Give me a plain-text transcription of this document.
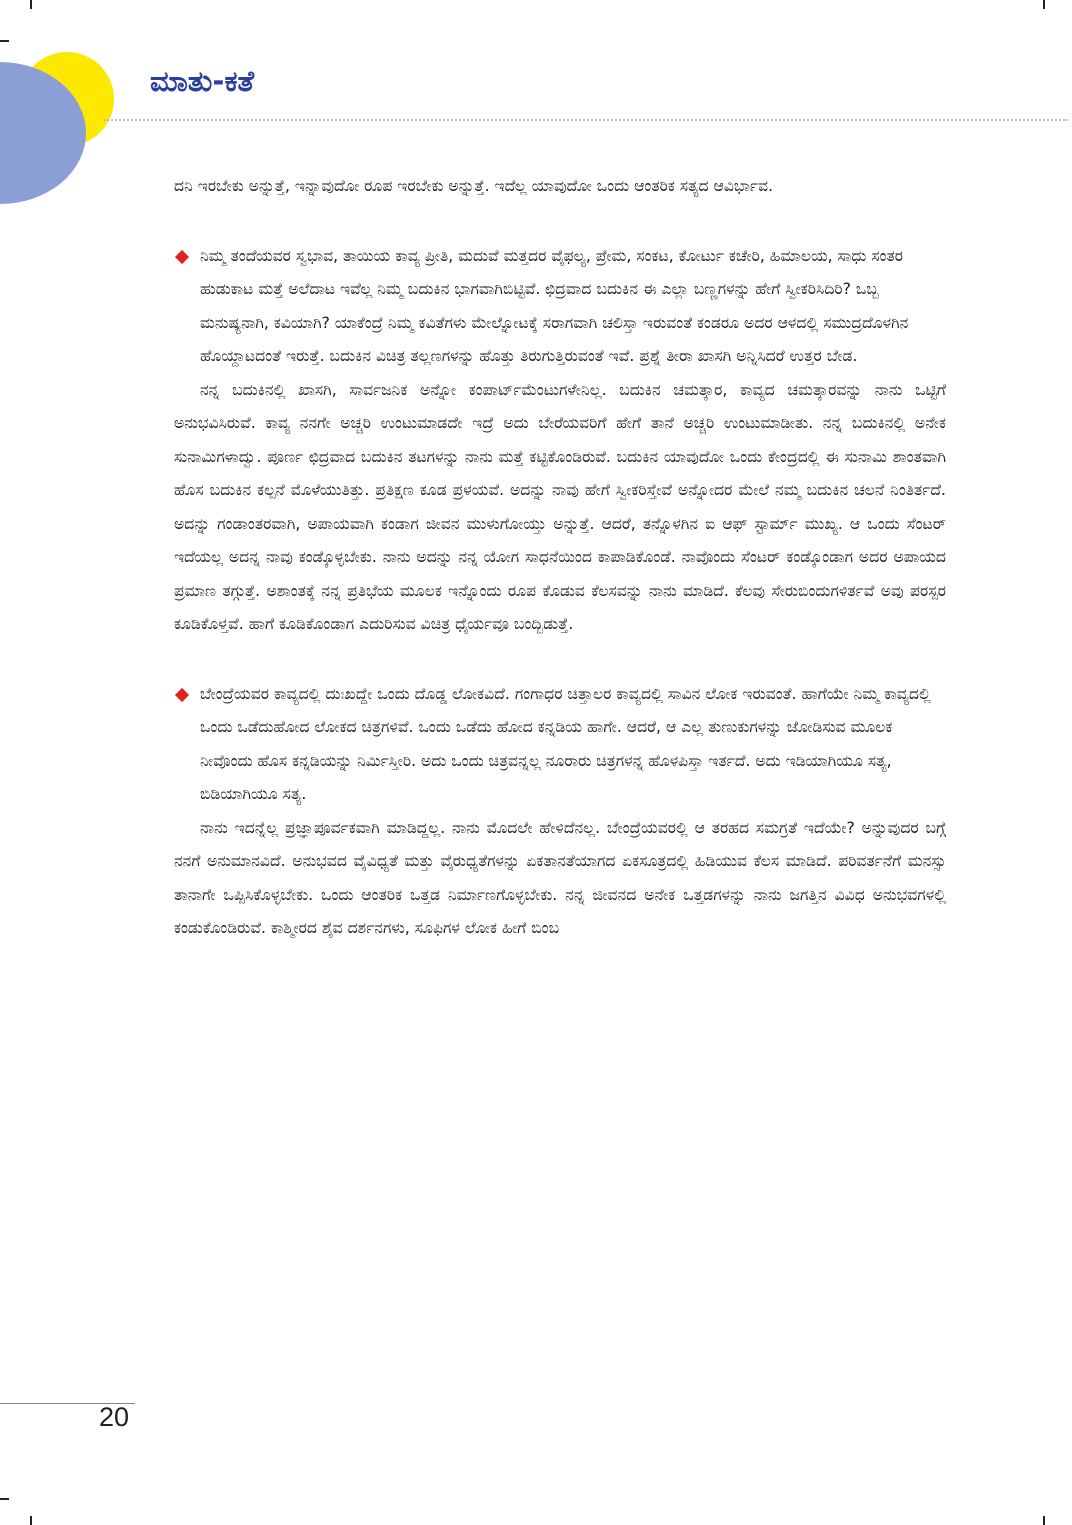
ಮಾತು-ಕತೆ

ದನಿ ಇರಬೇಕು ಅನ್ನುತ್ತೆ, ಇನ್ನಾವುದೋ ರೂಪ ಇರಬೇಕು ಅನ್ನುತ್ತೆ. ಇದೆಲ್ಲ ಯಾವುದೋ ಒಂದು ಆಂತರಿಕ ಸತ್ಯದ ಆವಿರ್ಭಾವ.

ನಿಮ್ಮ ತಂದೆಯವರ ಸ್ವಭಾವ, ತಾಯಿಯ ಕಾವ್ಯ ಪ್ರೀತಿ, ಮದುವೆ ಮತ್ತದರ ವೈಫಲ್ಯ, ಪ್ರೇಮ, ಸಂಕಟ, ಕೋರ್ಟು ಕಚೇರಿ, ಹಿಮಾಲಯ, ಸಾಧು ಸಂತರ ಹುಡುಕಾಟ ಮತ್ತೆ ಅಲೆದಾಟ ಇವೆಲ್ಲ ನಿಮ್ಮ ಬದುಕಿನ ಭಾಗವಾಗಿಬಿಟ್ಟಿವೆ. ಛಿದ್ರವಾದ ಬದುಕಿನ ಈ ಎಲ್ಲಾ ಬಣ್ಣಗಳನ್ನು ಹೇಗೆ ಸ್ವೀಕರಿಸಿದಿರಿ? ಒಬ್ಬ ಮನುಷ್ಯನಾಗಿ, ಕವಿಯಾಗಿ? ಯಾಕೆಂದ್ರೆ ನಿಮ್ಮ ಕವಿತೆಗಳು ಮೇಲ್ನೋಟಕ್ಕೆ ಸರಾಗವಾಗಿ ಚಲಿಸ್ತಾ ಇರುವಂತೆ ಕಂಡರೂ ಅದರ ಆಳದಲ್ಲಿ ಸಮುದ್ರದೊಳಗಿನ ಹೊಯ್ದಾಟದಂತೆ ಇರುತ್ತೆ. ಬದುಕಿನ ವಿಚಿತ್ರ ತಲ್ಲಣಗಳನ್ನು ಹೊತ್ತು ತಿರುಗುತ್ತಿರುವಂತೆ ಇವೆ. ಪ್ರಶ್ನೆ ತೀರಾ ಖಾಸಗಿ ಅನ್ನಿಸಿದರೆ ಉತ್ತರ ಬೇಡ.

ನನ್ನ ಬದುಕಿನಲ್ಲಿ ಖಾಸಗಿ, ಸಾರ್ವಜನಿಕ ಅನ್ನೋ ಕಂಪಾರ್ಟ್‌ಮೆಂಟುಗಳೇನಿಲ್ಲ. ಬದುಕಿನ ಚಮತ್ಕಾರ, ಕಾವ್ಯದ ಚಮತ್ಕಾರವನ್ನು ನಾನು ಒಟ್ಟಿಗೆ ಅನುಭವಿಸಿರುವೆ. ಕಾವ್ಯ ನನಗೇ ಅಚ್ಚರಿ ಉಂಟುಮಾಡದೇ ಇದ್ರೆ ಅದು ಬೇರೆಯವರಿಗೆ ಹೇಗೆ ತಾನೆ ಅಚ್ಚರಿ ಉಂಟುಮಾಡೀತು. ನನ್ನ ಬದುಕಿನಲ್ಲಿ ಅನೇಕ ಸುನಾಮಿಗಳಾದ್ವು. ಪೂರ್ಣ ಛಿದ್ರವಾದ ಬದುಕಿನ ತಟಗಳನ್ನು ನಾನು ಮತ್ತೆ ಕಟ್ಟಿಕೊಂಡಿರುವೆ. ಬದುಕಿನ ಯಾವುದೋ ಒಂದು ಕೇಂದ್ರದಲ್ಲಿ ಈ ಸುನಾಮಿ ಶಾಂತವಾಗಿ ಹೊಸ ಬದುಕಿನ ಕಲ್ಪನೆ ಮೊಳೆಯುತಿತ್ತು. ಪ್ರತಿಕ್ಷಣ ಕೂಡ ಪ್ರಳಯವೆ. ಅದನ್ನು ನಾವು ಹೇಗೆ ಸ್ವೀಕರಿಸ್ತೇವೆ ಅನ್ನೋದರ ಮೇಲೆ ನಮ್ಮ ಬದುಕಿನ ಚಲನೆ ನಿಂತಿರ್ತದೆ. ಅದನ್ನು ಗಂಡಾಂತರವಾಗಿ, ಅಪಾಯವಾಗಿ ಕಂಡಾಗ ಜೀವನ ಮುಳುಗೋಯ್ತು ಅನ್ನುತ್ತೆ. ಆದರೆ, ತನ್ನೊಳಗಿನ ಐ ಆಫ್ ಸ್ಟಾರ್ಮ್ ಮುಖ್ಯ. ಆ ಒಂದು ಸೆಂಟರ್ ಇದೆಯಲ್ಲ ಅದನ್ನ ನಾವು ಕಂಡ್ಕೊಳ್ಳಬೇಕು. ನಾನು ಅದನ್ನು ನನ್ನ ಯೋಗ ಸಾಧನೆಯಿಂದ ಕಾಪಾಡಿಕೊಂಡೆ. ನಾವೊಂದು ಸೆಂಟರ್ ಕಂಡ್ಕೊಂಡಾಗ ಅದರ ಅಪಾಯದ ಪ್ರಮಾಣ ತಗ್ಗುತ್ತೆ. ಅಶಾಂತಕ್ಕೆ ನನ್ನ ಪ್ರತಿಭೆಯ ಮೂಲಕ ಇನ್ನೊಂದು ರೂಪ ಕೊಡುವ ಕೆಲಸವನ್ನು ನಾನು ಮಾಡಿದೆ. ಕೆಲವು ಸೇರುಬಿಂದುಗಳಿರ್ತವೆ ಅವು ಪರಸ್ಪರ ಕೂಡಿಕೊಳ್ತವೆ. ಹಾಗೆ ಕೂಡಿಕೊಂಡಾಗ ಎದುರಿಸುವ ವಿಚಿತ್ರ ಧೈರ್ಯವೂ ಬಂದ್ಬಿಡುತ್ತೆ.

ಬೇಂದ್ರೆಯವರ ಕಾವ್ಯದಲ್ಲಿ ದುಃಖದ್ದೇ ಒಂದು ದೊಡ್ಡ ಲೋಕವಿದೆ. ಗಂಗಾಧರ ಚಿತ್ತಾಲರ ಕಾವ್ಯದಲ್ಲಿ ಸಾವಿನ ಲೋಕ ಇರುವಂತೆ. ಹಾಗೆಯೇ ನಿಮ್ಮ ಕಾವ್ಯದಲ್ಲಿ ಒಂದು ಒಡೆದುಹೋದ ಲೋಕದ ಚಿತ್ರಗಳಿವೆ. ಒಂದು ಒಡೆದು ಹೋದ ಕನ್ನಡಿಯ ಹಾಗೇ. ಆದರೆ, ಆ ಎಲ್ಲ ತುಣುಕುಗಳನ್ನು ಜೋಡಿಸುವ ಮೂಲಕ ನೀವೊಂದು ಹೊಸ ಕನ್ನಡಿಯನ್ನು ನಿರ್ಮಿಸ್ತೀರಿ. ಅದು ಒಂದು ಚಿತ್ರವನ್ನಲ್ಲ ನೂರಾರು ಚಿತ್ರಗಳನ್ನ ಹೊಳಪಿಸ್ತಾ ಇರ್ತದೆ. ಅದು ಇಡಿಯಾಗಿಯೂ ಸತ್ಯ, ಬಿಡಿಯಾಗಿಯೂ ಸತ್ಯ.

ನಾನು ಇದನ್ನೆಲ್ಲ ಪ್ರಜ್ಞಾಪೂರ್ವಕವಾಗಿ ಮಾಡಿದ್ದಲ್ಲ. ನಾನು ಮೊದಲೇ ಹೇಳಿದೆನಲ್ಲ. ಬೇಂದ್ರೆಯವರಲ್ಲಿ ಆ ತರಹದ ಸಮಗ್ರತೆ ಇದೆಯೇ? ಅನ್ನುವುದರ ಬಗ್ಗೆ ನನಗೆ ಅನುಮಾನವಿದೆ. ಅನುಭವದ ವೈವಿಧ್ಯತೆ ಮತ್ತು ವೈರುಧ್ಯತೆಗಳನ್ನು ಏಕತಾನತೆಯಾಗದ ಏಕಸೂತ್ರದಲ್ಲಿ ಹಿಡಿಯುವ ಕೆಲಸ ಮಾಡಿದೆ. ಪರಿವರ್ತನೆಗೆ ಮನಸ್ಸು ತಾನಾಗೇ ಒಪ್ಪಿಸಿಕೊಳ್ಳಬೇಕು. ಒಂದು ಆಂತರಿಕ ಒತ್ತಡ ನಿರ್ಮಾಣಗೊಳ್ಳಬೇಕು. ನನ್ನ ಜೀವನದ ಅನೇಕ ಒತ್ತಡಗಳನ್ನು ನಾನು ಜಗತ್ತಿನ ವಿವಿಧ ಅನುಭವಗಳಲ್ಲಿ ಕಂಡುಕೊಂಡಿರುವೆ. ಕಾಶ್ಮೀರದ ಶೈವ ದರ್ಶನಗಳು, ಸೂಫಿಗಳ ಲೋಕ ಹೀಗೆ ಬಿಂಬ

20
